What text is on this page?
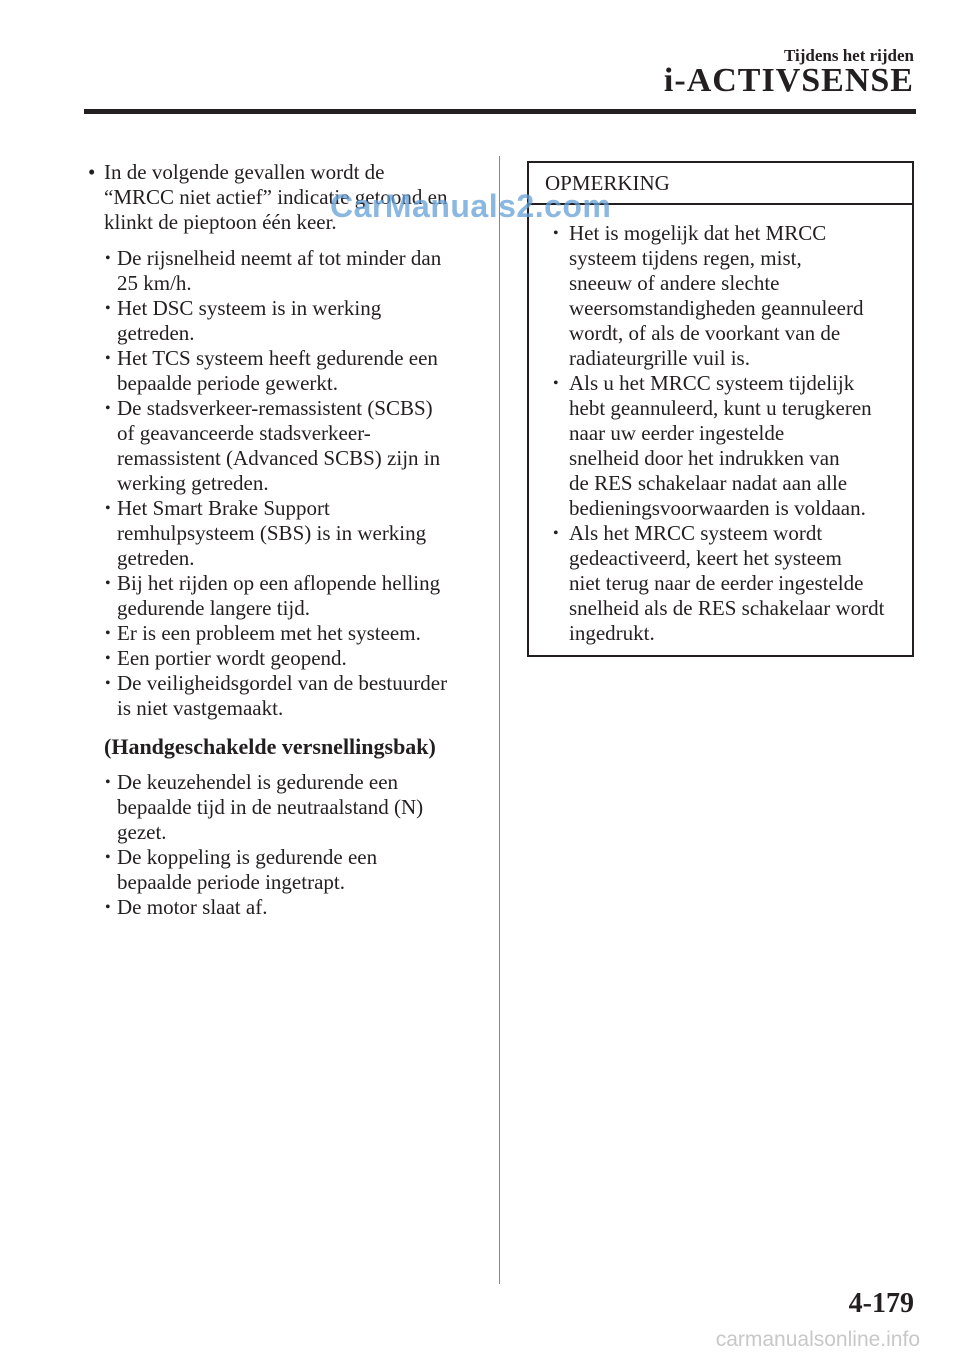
Tijdens het rijden
i-ACTIVSENSE
• In de volgende gevallen wordt de
“MRCC niet actief” indicatie getoond en
klinkt de pieptoon één keer.
• De rijsnelheid neemt af tot minder dan
25 km/h.
• Het DSC systeem is in werking
getreden.
• Het TCS systeem heeft gedurende een
bepaalde periode gewerkt.
• De stadsverkeer-remassistent (SCBS)
of geavanceerde stadsverkeer-
remassistent (Advanced SCBS) zijn in
werking getreden.
• Het Smart Brake Support
remhulpsysteem (SBS) is in werking
getreden.
• Bij het rijden op een aflopende helling
gedurende langere tijd.
• Er is een probleem met het systeem.
• Een portier wordt geopend.
• De veiligheidsgordel van de bestuurder
is niet vastgemaakt.
(Handgeschakelde versnellingsbak)
• De keuzehendel is gedurende een
bepaalde tijd in de neutraalstand (N)
gezet.
• De koppeling is gedurende een
bepaalde periode ingetrapt.
• De motor slaat af.
OPMERKING
• Het is mogelijk dat het MRCC
systeem tijdens regen, mist,
sneeuw of andere slechte
weersomstandigheden geannuleerd
wordt, of als de voorkant van de
radiateurgrille vuil is.
• Als u het MRCC systeem tijdelijk
hebt geannuleerd, kunt u terugkeren
naar uw eerder ingestelde
snelheid door het indrukken van
de RES schakelaar nadat aan alle
bedieningsvoorwaarden is voldaan.
• Als het MRCC systeem wordt
gedeactiveerd, keert het systeem
niet terug naar de eerder ingestelde
snelheid als de RES schakelaar wordt
ingedrukt.
CarManuals2.com
4-179
carmanualsonline.info
